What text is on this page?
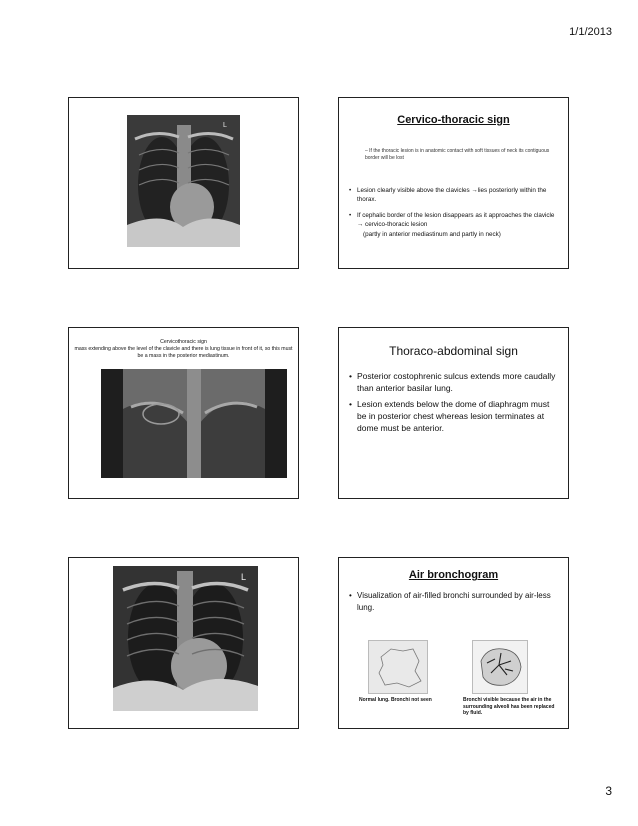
1/1/2013
L	Cervico-thoracic sign
– If the thoracic lesion is in anatomic contact with soft tissues of neck its contiguous border will be lost
• Lesion clearly visible above the clavicles →lies posteriorly within the thorax.
• If cephalic border of the lesion disappears as it approaches the clavicle → cervico-thoracic lesion
(partly in anterior mediastinum and partly in neck)
Cervicothoracic sign
mass extending above the level of the clavicle and there is lung tissue in front of it, so this must be a mass in the posterior mediastinum.	Thoraco-abdominal sign
• Posterior costophrenic sulcus extends more caudally than anterior basilar lung.
• Lesion extends below the dome of diaphragm must be in posterior chest whereas lesion terminates at dome must be anterior.
L	Air bronchogram
• Visualization of air-filled bronchi surrounded by air-less lung.
Normal lung. Bronchi not seen	Bronchi visible because the air in the surrounding alveoli has been replaced by fluid.
3
